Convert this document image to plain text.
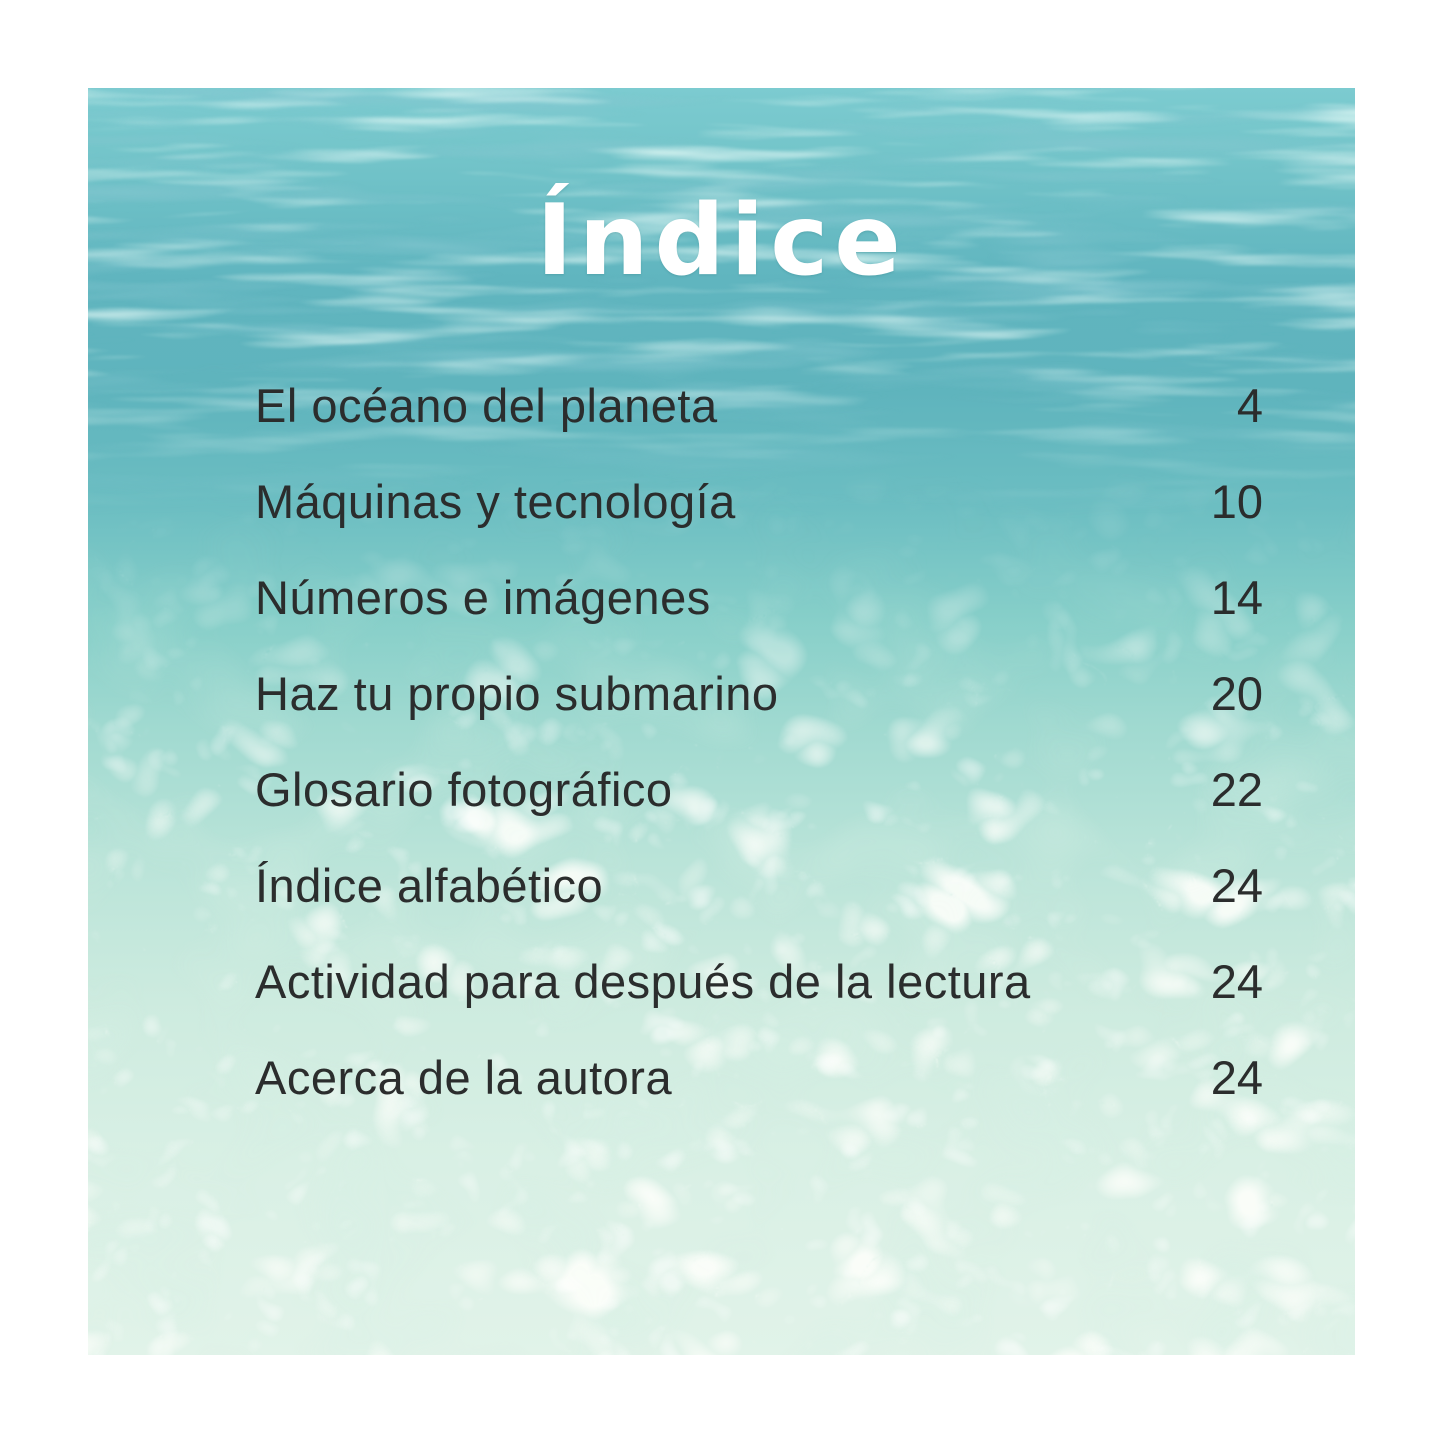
Índice
El océano del planeta	4
Máquinas y tecnología	10
Números e imágenes	14
Haz tu propio submarino	20
Glosario fotográfico	22
Índice alfabético	24
Actividad para después de la lectura	24
Acerca de la autora	24
